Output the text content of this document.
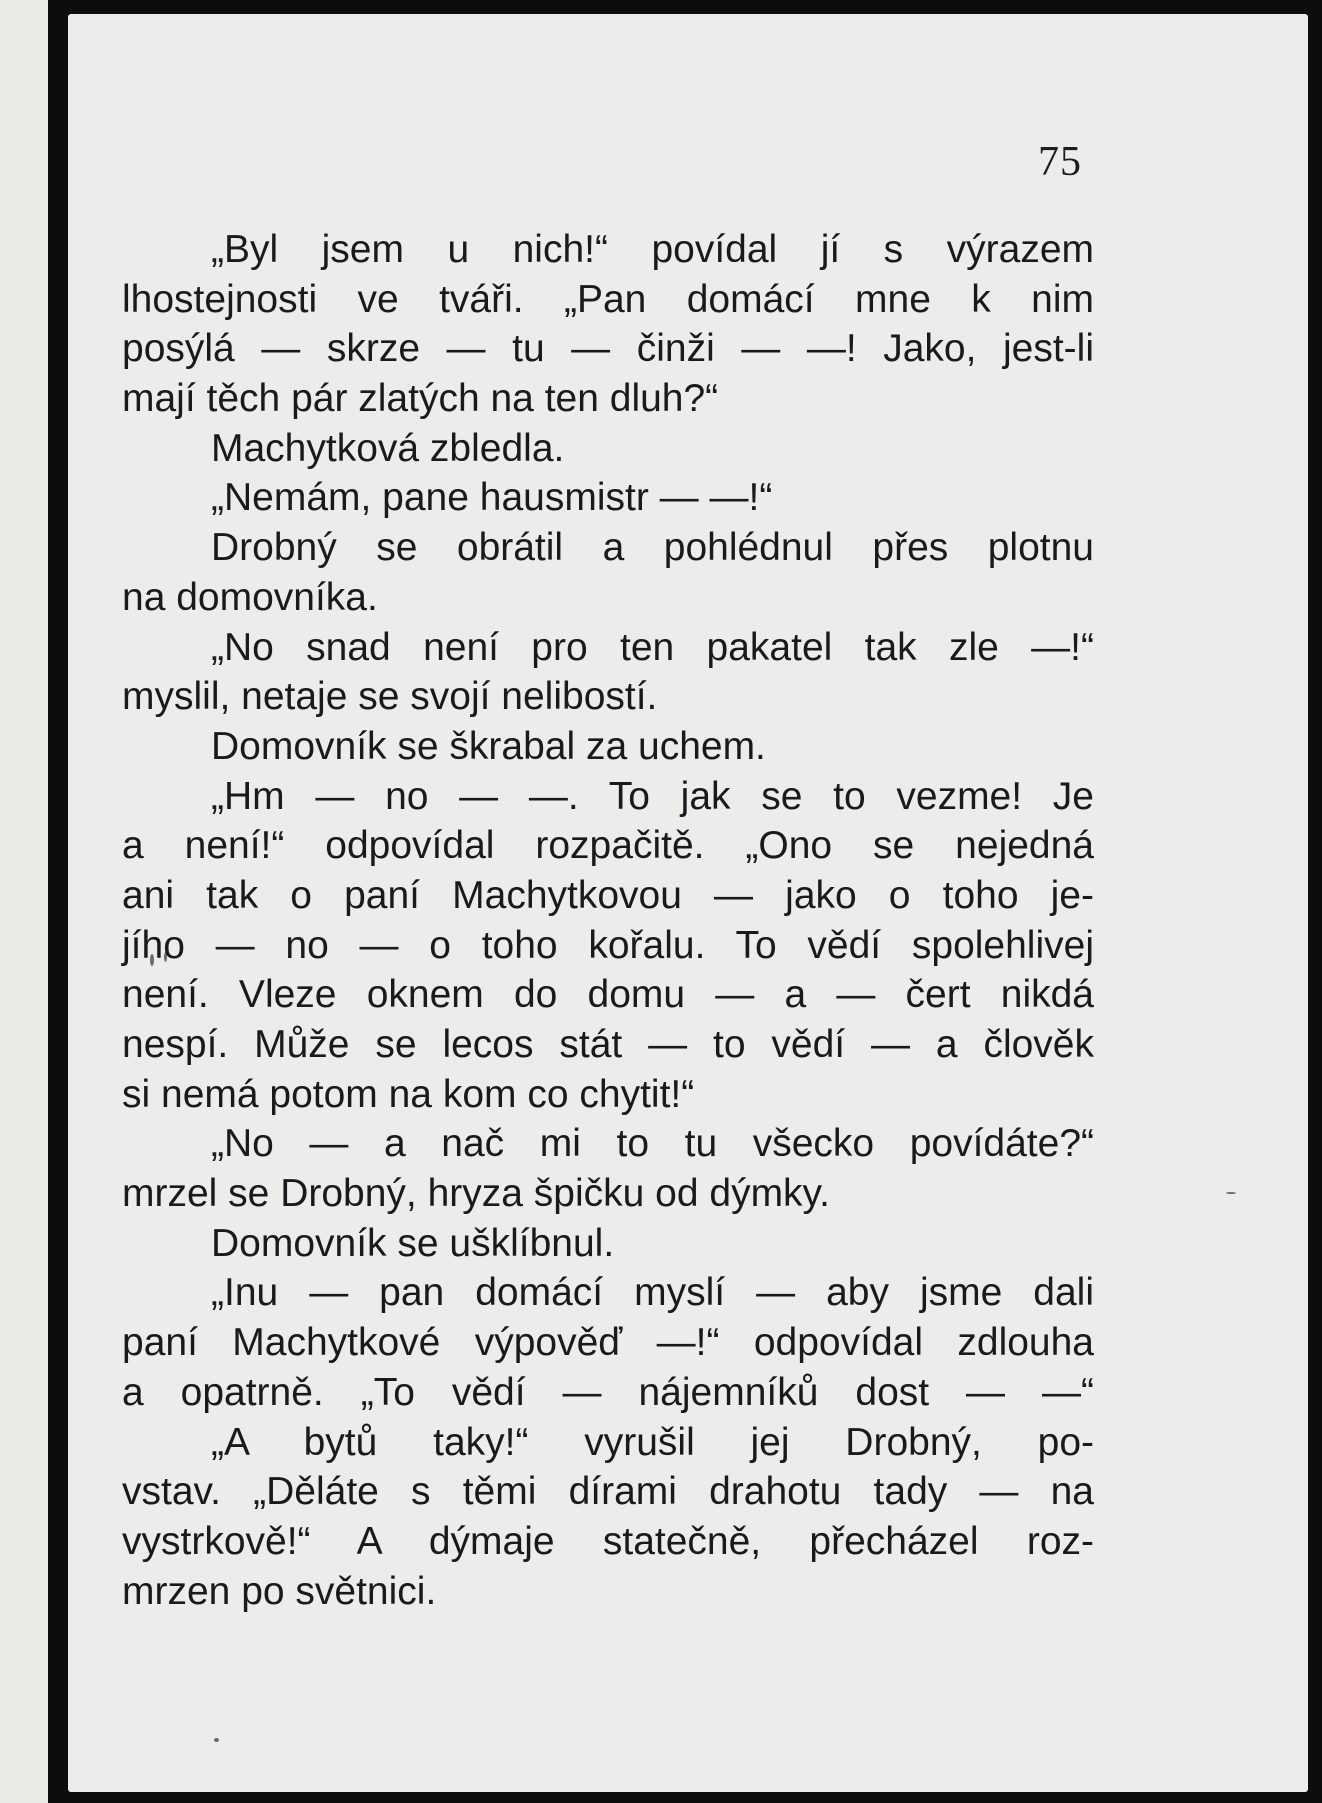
75
„Byl jsem u nich!“ povídal jí s výrazem
lhostejnosti ve tváři. „Pan domácí mne k nim
posýlá — skrze — tu — činži — —! Jako, jest-li
mají těch pár zlatých na ten dluh?“
Machytková zbledla.
„Nemám, pane hausmistr — —!“
Drobný se obrátil a pohlédnul přes plotnu
na domovníka.
„No snad není pro ten pakatel tak zle —!“
myslil, netaje se svojí nelibostí.
Domovník se škrabal za uchem.
„Hm — no — —. To jak se to vezme! Je
a není!“ odpovídal rozpačitě. „Ono se nejedná
ani tak o paní Machytkovou — jako o toho je-
jího — no — o toho kořalu. To vědí spolehlivej
není. Vleze oknem do domu — a — čert nikdá
nespí. Může se lecos stát — to vědí — a člověk
si nemá potom na kom co chytit!“
„No — a nač mi to tu všecko povídáte?“
mrzel se Drobný, hryza špičku od dýmky.
Domovník se ušklíbnul.
„Inu — pan domácí myslí — aby jsme dali
paní Machytkové výpověď —!“ odpovídal zdlouha
a opatrně. „To vědí — nájemníků dost — —“
„A bytů taky!“ vyrušil jej Drobný, po-
vstav. „Děláte s těmi dírami drahotu tady — na
vystrkově!“ A dýmaje statečně, přecházel roz-
mrzen po světnici.
